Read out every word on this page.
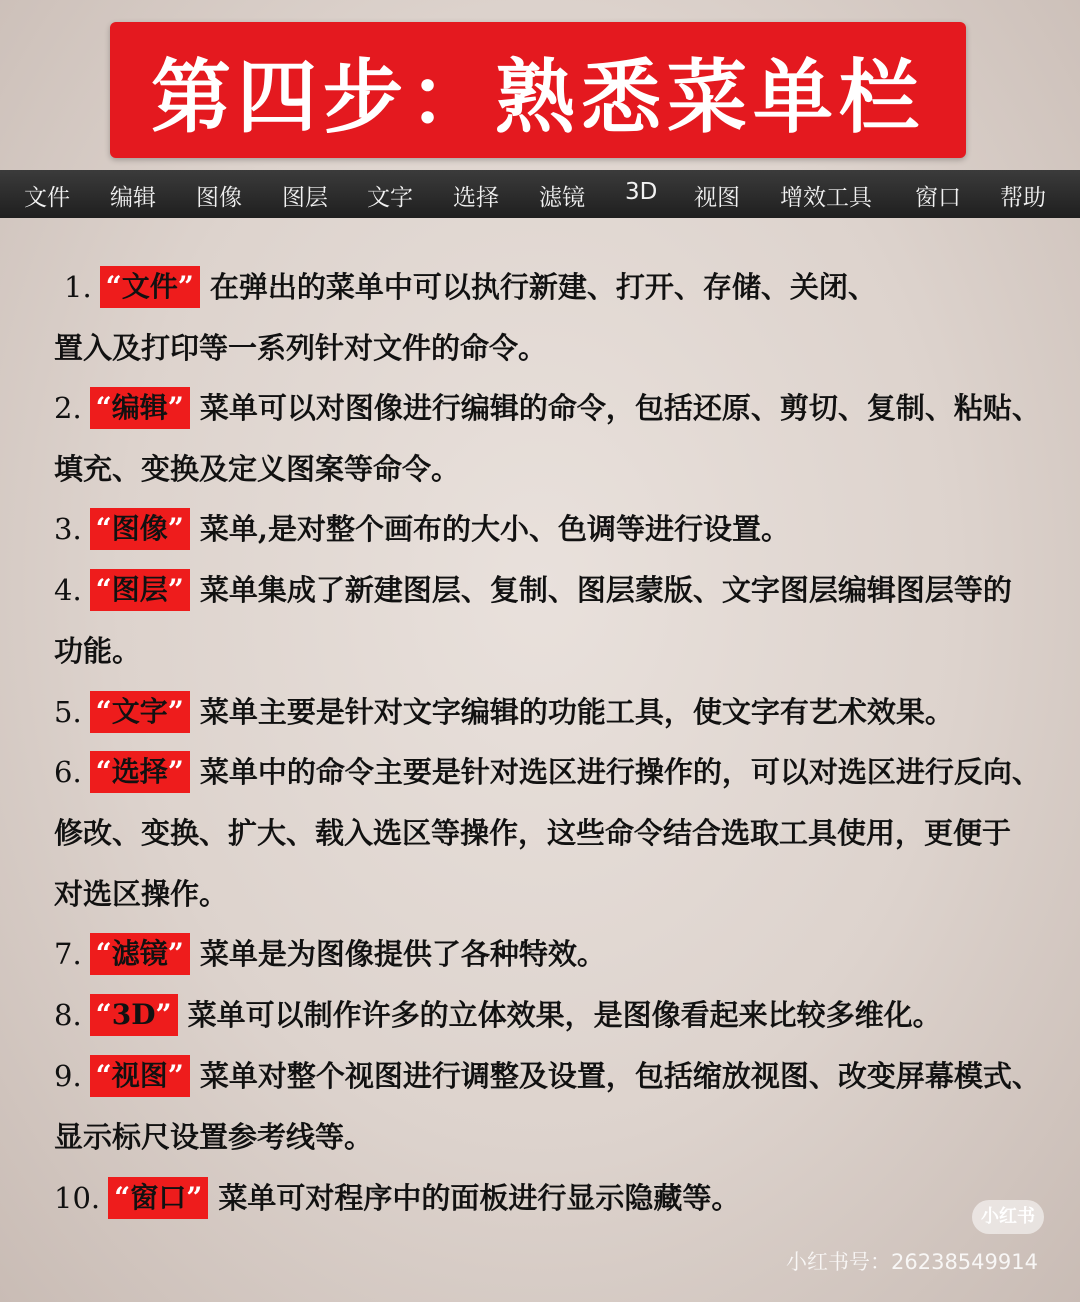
第四步：熟悉菜单栏
文件 编辑 图像 图层 文字 选择 滤镜 3D 视图 增效工具 窗口 帮助
1. “文件” 在弹出的菜单中可以执行新建、打开、存储、关闭、
置入及打印等一系列针对文件的命令。
2. “编辑” 菜单可以对图像进行编辑的命令，包括还原、剪切、复制、粘贴、
填充、变换及定义图案等命令。
3. “图像” 菜单,是对整个画布的大小、色调等进行设置。
4. “图层” 菜单集成了新建图层、复制、图层蒙版、文字图层编辑图层等的
功能。
5. “文字” 菜单主要是针对文字编辑的功能工具，使文字有艺术效果。
6. “选择” 菜单中的命令主要是针对选区进行操作的，可以对选区进行反向、
修改、变换、扩大、载入选区等操作，这些命令结合选取工具使用，更便于
对选区操作。
7. “滤镜” 菜单是为图像提供了各种特效。
8. “3D” 菜单可以制作许多的立体效果，是图像看起来比较多维化。
9. “视图” 菜单对整个视图进行调整及设置，包括缩放视图、改变屏幕模式、
显示标尺设置参考线等。
10. “窗口” 菜单可对程序中的面板进行显示隐藏等。
小红书
小红书号：26238549914
